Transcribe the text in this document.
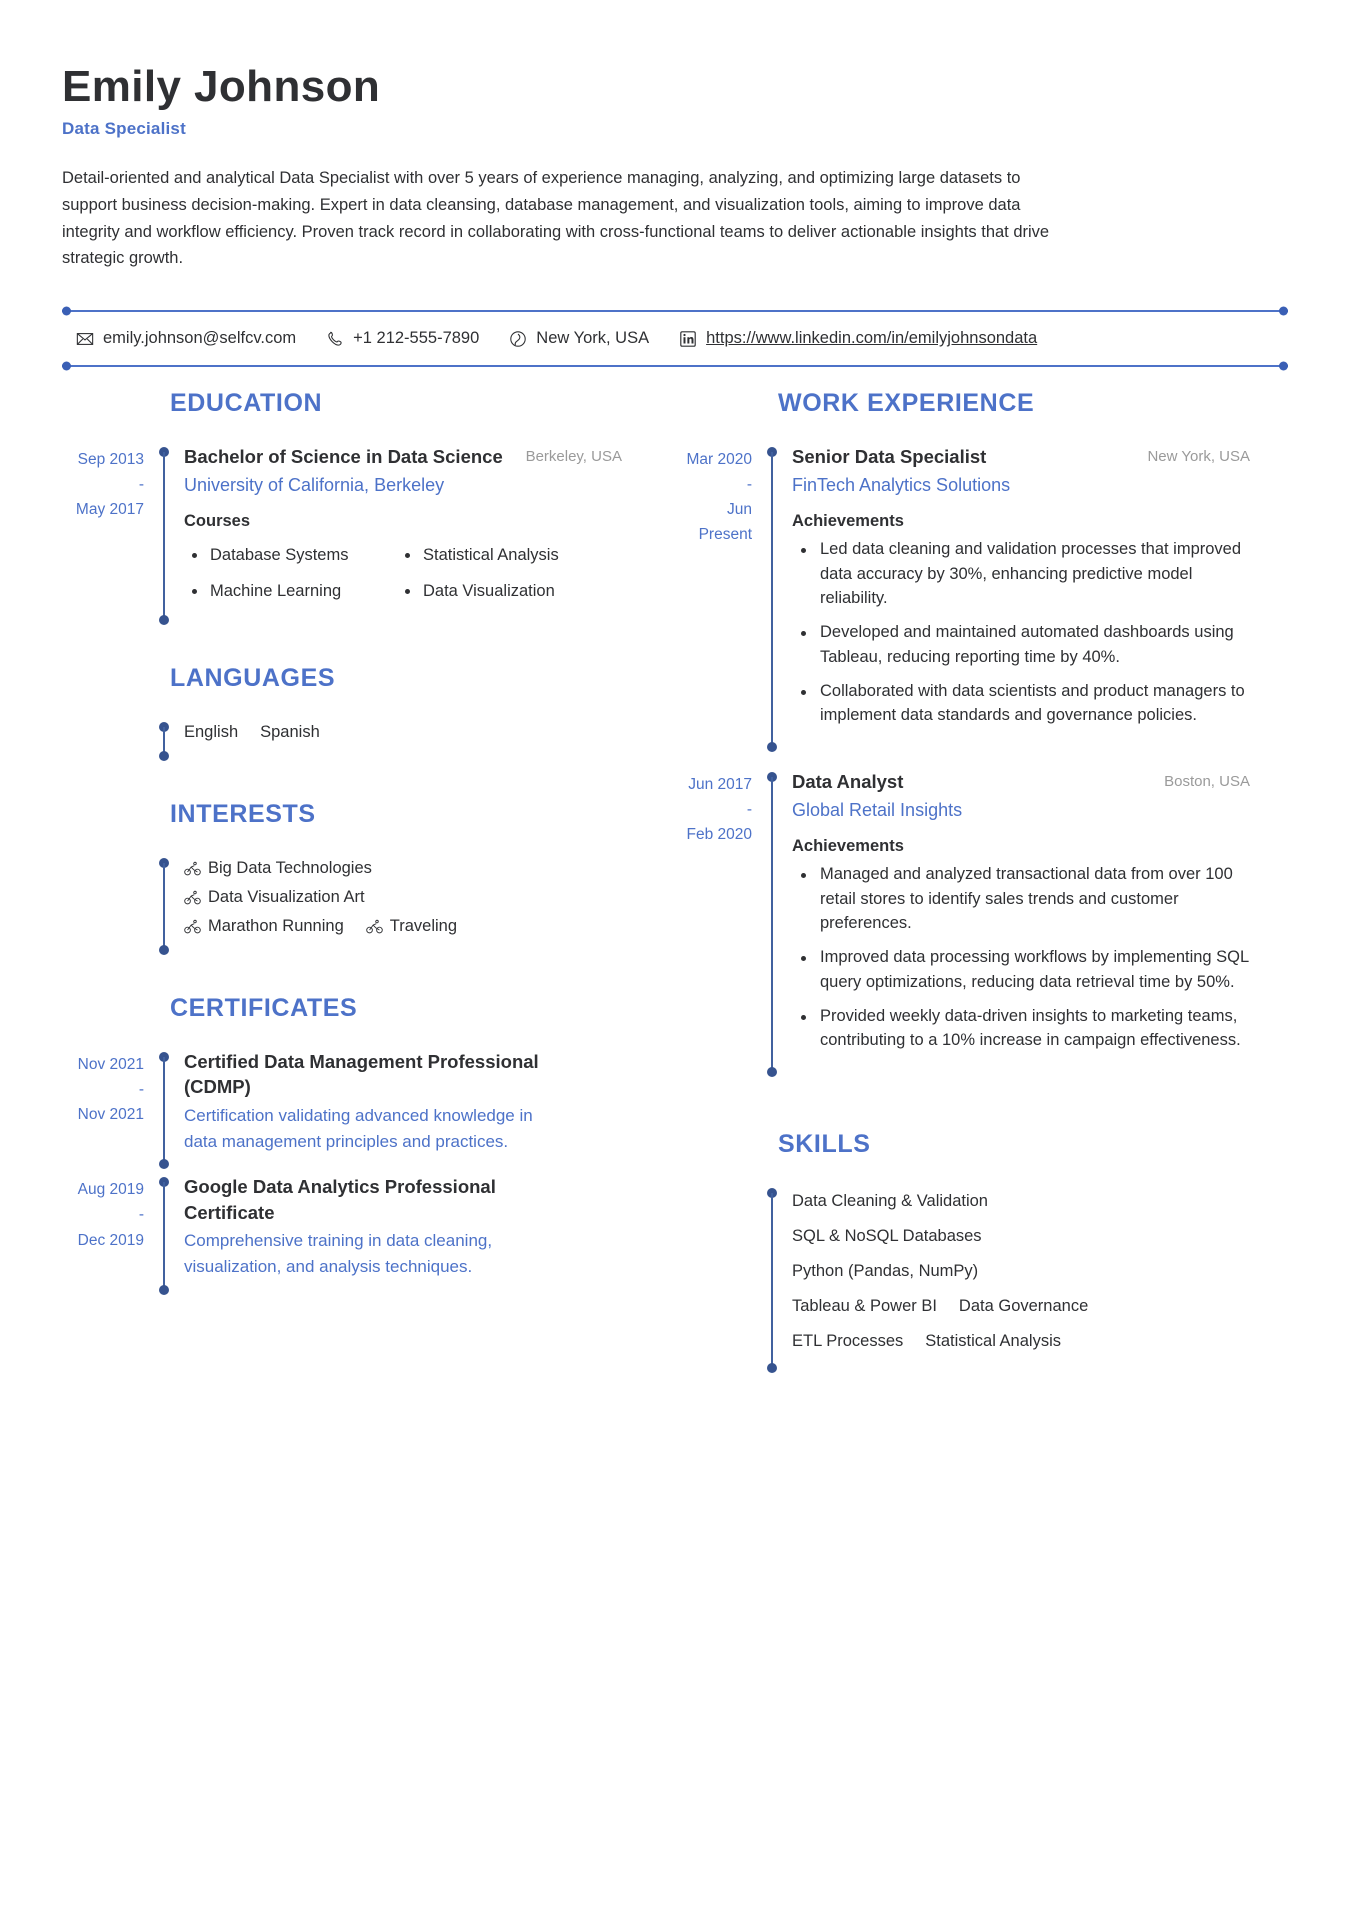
Emily Johnson
Data Specialist
Detail-oriented and analytical Data Specialist with over 5 years of experience managing, analyzing, and optimizing large datasets to support business decision-making. Expert in data cleansing, database management, and visualization tools, aiming to improve data integrity and workflow efficiency. Proven track record in collaborating with cross-functional teams to deliver actionable insights that drive strategic growth.
emily.johnson@selfcv.com	+1 212-555-7890	New York, USA	https://www.linkedin.com/in/emilyjohnsondata
EDUCATION
Sep 2013
-
May 2017
Bachelor of Science in Data Science Berkeley, USA
University of California, Berkeley
Courses
Database Systems	Statistical Analysis
Machine Learning	Data Visualization
LANGUAGES
English Spanish
INTERESTS
Big Data Technologies
Data Visualization Art
Marathon Running	Traveling
CERTIFICATES
Nov 2021
-
Nov 2021
Certified Data Management Professional (CDMP)
Certification validating advanced knowledge in data management principles and practices.
Aug 2019
-
Dec 2019
Google Data Analytics Professional Certificate
Comprehensive training in data cleaning, visualization, and analysis techniques.
WORK EXPERIENCE
Mar 2020
-
Jun Present
Senior Data Specialist	New York, USA
FinTech Analytics Solutions
Achievements
Led data cleaning and validation processes that improved data accuracy by 30%, enhancing predictive model reliability.
Developed and maintained automated dashboards using Tableau, reducing reporting time by 40%.
Collaborated with data scientists and product managers to implement data standards and governance policies.
Jun 2017
-
Feb 2020
Data Analyst	Boston, USA
Global Retail Insights
Achievements
Managed and analyzed transactional data from over 100 retail stores to identify sales trends and customer preferences.
Improved data processing workflows by implementing SQL query optimizations, reducing data retrieval time by 50%.
Provided weekly data-driven insights to marketing teams, contributing to a 10% increase in campaign effectiveness.
SKILLS
Data Cleaning & Validation
SQL & NoSQL Databases
Python (Pandas, NumPy)
Tableau & Power BI Data Governance
ETL Processes Statistical Analysis
